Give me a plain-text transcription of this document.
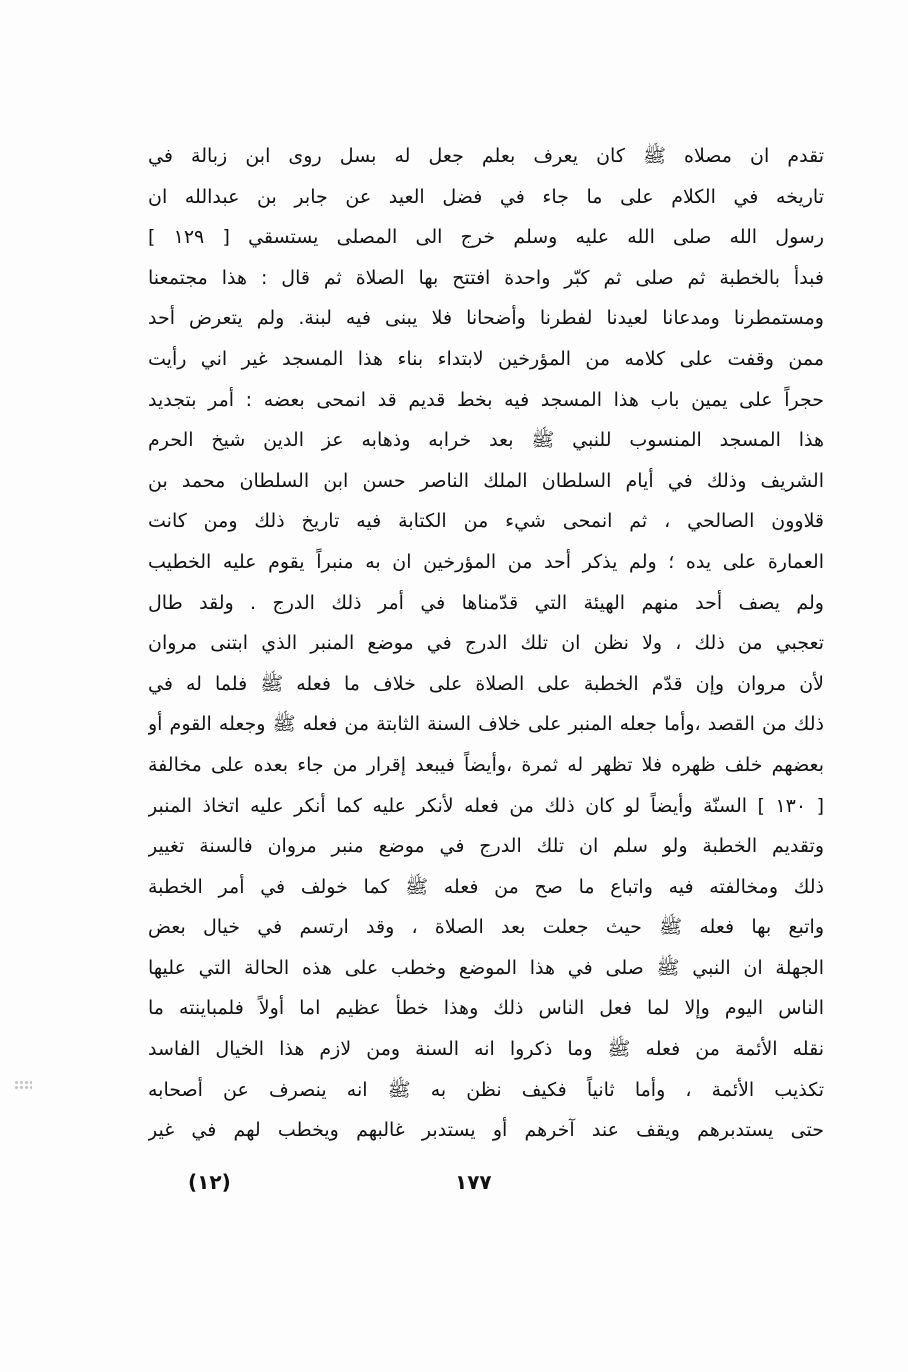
تقدم ان مصلاه ﷺ كان يعرف بعلم جعل له بسل روى ابن زبالة في
تاريخه في الكلام على ما جاء في فضل العيد عن جابر بن عبدالله ان
رسول الله صلى الله عليه وسلم خرج الى المصلى يستسقي [ ١٢٩ ]
فبدأ بالخطبة ثم صلى ثم كبّر واحدة افتتح بها الصلاة ثم قال : هذا مجتمعنا
ومستمطرنا ومدعانا لعيدنا لفطرنا وأضحانا فلا يبنى فيه لبنة. ولم يتعرض أحد
ممن وقفت على كلامه من المؤرخين لابتداء بناء هذا المسجد غير اني رأيت
حجراً على يمين باب هذا المسجد فيه بخط قديم قد انمحى بعضه : أمر بتجديد
هذا المسجد المنسوب للنبي ﷺ بعد خرابه وذهابه عز الدين شيخ الحرم
الشريف وذلك في أيام السلطان الملك الناصر حسن ابن السلطان محمد بن
قلاوون الصالحي ، ثم انمحى شيء من الكتابة فيه تاريخ ذلك ومن كانت
العمارة على يده ؛ ولم يذكر أحد من المؤرخين ان به منبراً يقوم عليه الخطيب
ولم يصف أحد منهم الهيئة التي قدّمناها في أمر ذلك الدرج . ولقد طال
تعجبي من ذلك ، ولا نظن ان تلك الدرج في موضع المنبر الذي ابتنى مروان
لأن مروان وإن قدّم الخطبة على الصلاة على خلاف ما فعله ﷺ فلما له في
ذلك من القصد ،وأما جعله المنبر على خلاف السنة الثابتة من فعله ﷺ وجعله القوم أو
بعضهم خلف ظهره فلا تظهر له ثمرة ،وأيضاً فيبعد إقرار من جاء بعده على مخالفة
[ ١٣٠ ] السنّة وأيضاً لو كان ذلك من فعله لأنكر عليه كما أنكر عليه اتخاذ المنبر
وتقديم الخطبة ولو سلم ان تلك الدرج في موضع منبر مروان فالسنة تغيير
ذلك ومخالفته فيه واتباع ما صح من فعله ﷺ كما خولف في أمر الخطبة
واتبع بها فعله ﷺ حيث جعلت بعد الصلاة ، وقد ارتسم في خيال بعض
الجهلة ان النبي ﷺ صلى في هذا الموضع وخطب على هذه الحالة التي عليها
الناس اليوم وإلا لما فعل الناس ذلك وهذا خطأ عظيم اما أولاً فلمباينته ما
نقله الأئمة من فعله ﷺ وما ذكروا انه السنة ومن لازم هذا الخيال الفاسد
تكذيب الأئمة ، وأما ثانياً فكيف نظن به ﷺ انه ينصرف عن أصحابه
حتى يستدبرهم ويقف عند آخرهم أو يستدبر غالبهم ويخطب لهم في غير
(١٢)	١٧٧
